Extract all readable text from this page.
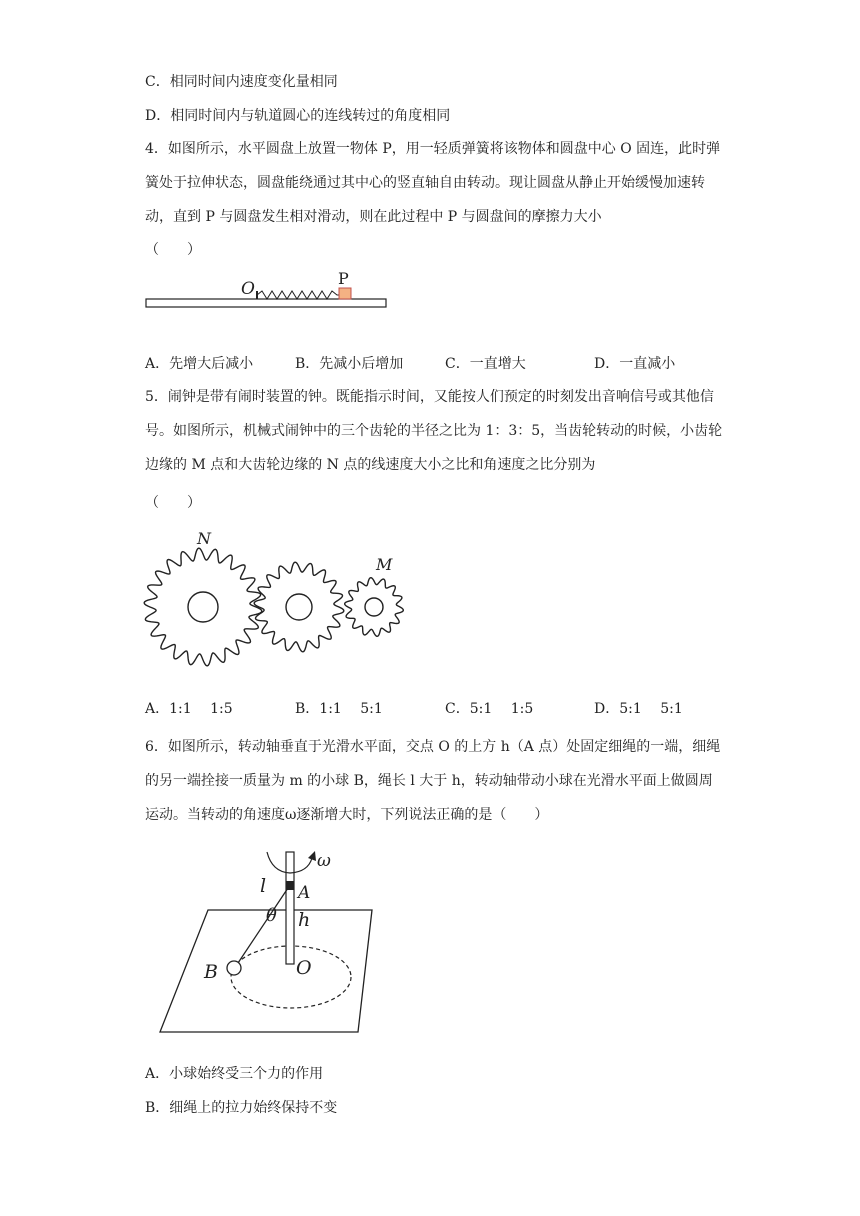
C．相同时间内速度变化量相同
D．相同时间内与轨道圆心的连线转过的角度相同
4．如图所示，水平圆盘上放置一物体 P，用一轻质弹簧将该物体和圆盘中心 O 固连，此时弹簧处于拉伸状态，圆盘能绕通过其中心的竖直轴自由转动。现让圆盘从静止开始缓慢加速转动，直到 P 与圆盘发生相对滑动，则在此过程中 P 与圆盘间的摩擦力大小
（　　）
O
P
A．先增大后减小	B．先减小后增加	C．一直增大	D．一直减小
5．闹钟是带有闹时装置的钟。既能指示时间，又能按人们预定的时刻发出音响信号或其他信号。如图所示，机械式闹钟中的三个齿轮的半径之比为 1：3：5，当齿轮转动的时候，小齿轮边缘的 M 点和大齿轮边缘的 N 点的线速度大小之比和角速度之比分别为
（　　）
N
M
A．1:1　 1:5	B．1:1　 5:1	C．5:1　 1:5	D．5:1　 5:1
6．如图所示，转动轴垂直于光滑水平面，交点 O 的上方 h（A 点）处固定细绳的一端，细绳的另一端拴接一质量为 m 的小球 B，绳长 l 大于 h，转动轴带动小球在光滑水平面上做圆周运动。当转动的角速度ω逐渐增大时，下列说法正确的是（　　）
ω
l A
θ h
B	O
A．小球始终受三个力的作用
B．细绳上的拉力始终保持不变
